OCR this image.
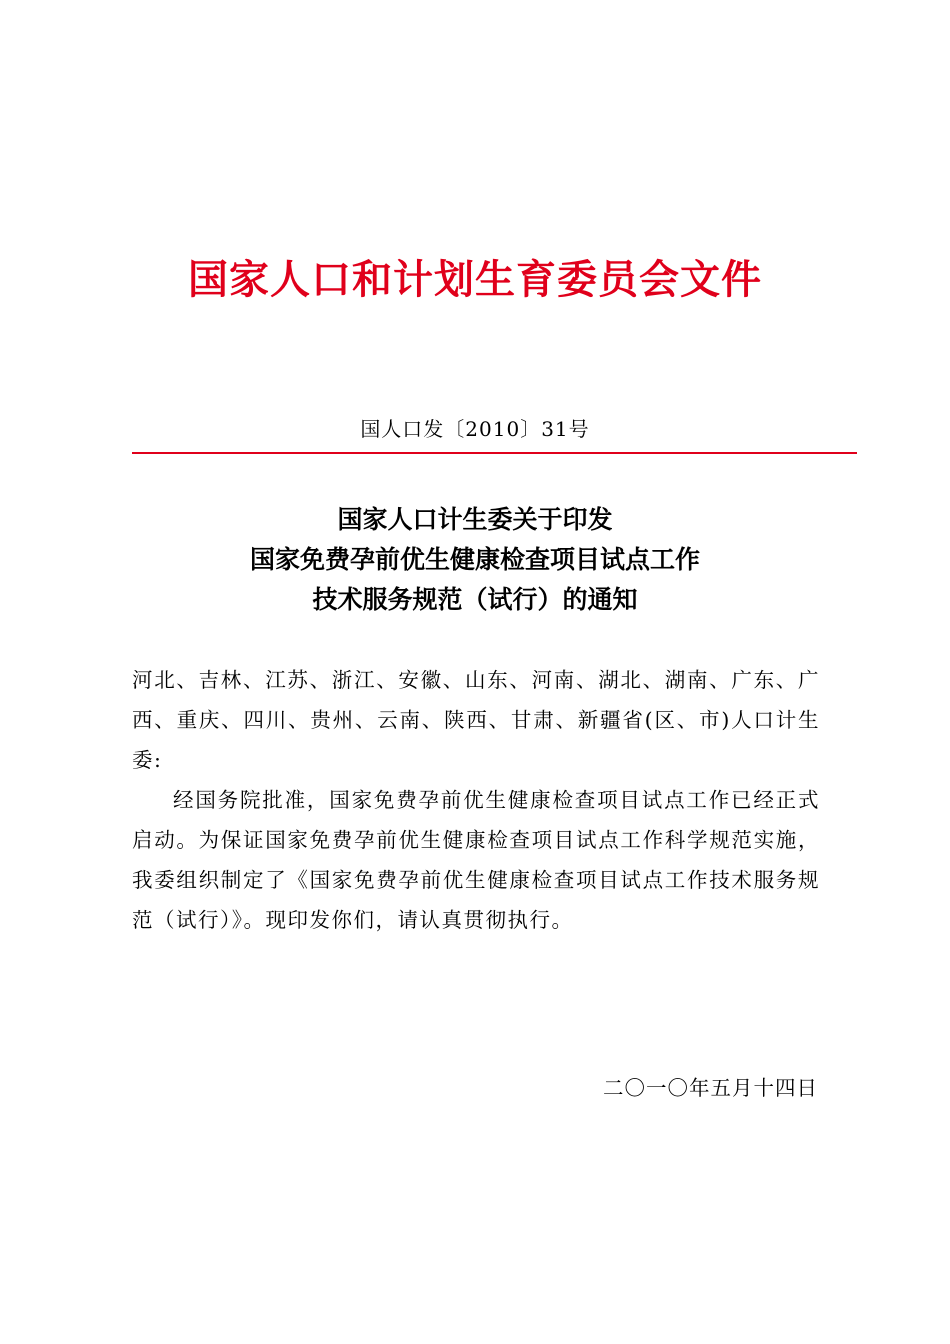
国家人口和计划生育委员会文件
国人口发〔2010〕31号
国家人口计生委关于印发
国家免费孕前优生健康检查项目试点工作
技术服务规范（试行）的通知

河北、吉林、江苏、浙江、安徽、山东、河南、湖北、湖南、广东、广西、重庆、四川、贵州、云南、陕西、甘肃、新疆省(区、市)人口计生委:

经国务院批准，国家免费孕前优生健康检查项目试点工作已经正式启动。为保证国家免费孕前优生健康检查项目试点工作科学规范实施，我委组织制定了《国家免费孕前优生健康检查项目试点工作技术服务规范（试行）》。现印发你们，请认真贯彻执行。

二〇一〇年五月十四日
